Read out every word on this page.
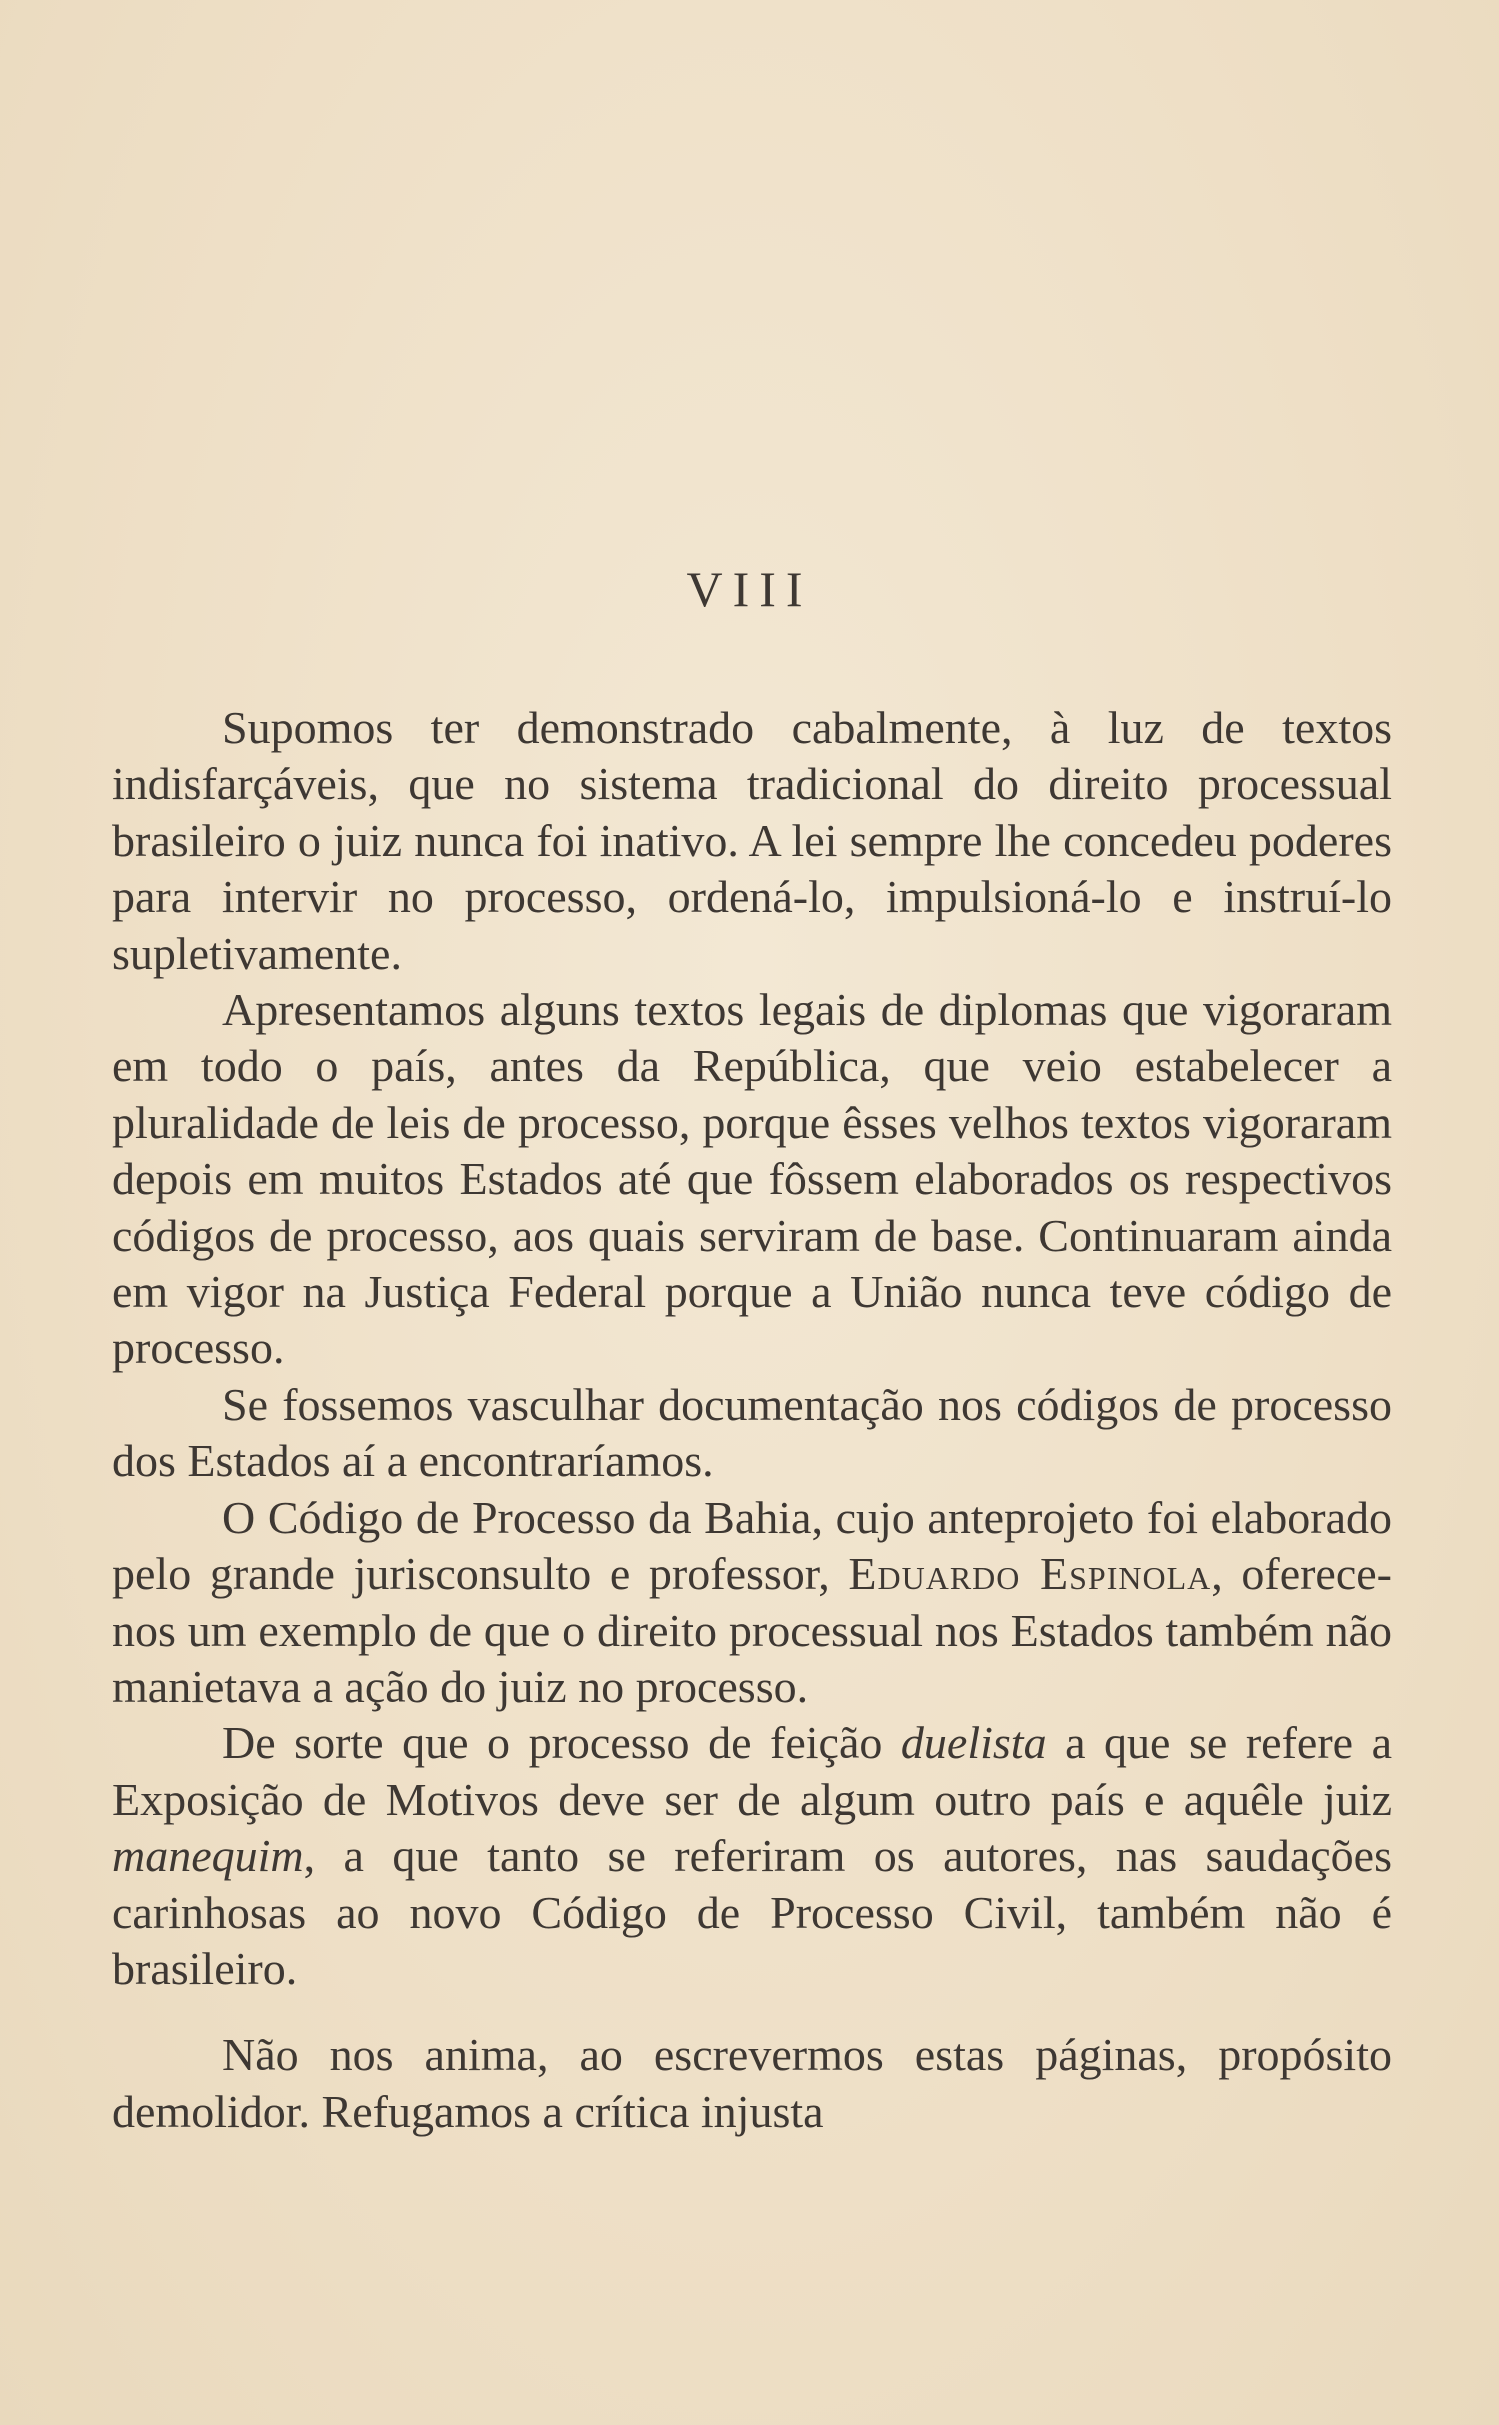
VIII

Supomos ter demonstrado cabalmente, à luz de textos indisfarçáveis, que no sistema tradicional do direito processual brasileiro o juiz nunca foi inativo. A lei sempre lhe concedeu poderes para intervir no processo, ordená-lo, impulsioná-lo e instruí-lo supletivamente.

Apresentamos alguns textos legais de diplomas que vigoraram em todo o país, antes da República, que veio estabelecer a pluralidade de leis de processo, porque êsses velhos textos vigoraram depois em muitos Estados até que fôssem elaborados os respectivos códigos de processo, aos quais serviram de base. Continuaram ainda em vigor na Justiça Federal porque a União nunca teve código de processo.

Se fossemos vasculhar documentação nos códigos de processo dos Estados aí a encontraríamos.

O Código de Processo da Bahia, cujo anteprojeto foi elaborado pelo grande jurisconsulto e professor, Eduardo Espinola, oferece-nos um exemplo de que o direito processual nos Estados também não manietava a ação do juiz no processo.

De sorte que o processo de feição duelista a que se refere a Exposição de Motivos deve ser de algum outro país e aquêle juiz manequim, a que tanto se referiram os autores, nas saudações carinhosas ao novo Código de Processo Civil, também não é brasileiro.

Não nos anima, ao escrevermos estas páginas, propósito demolidor. Refugamos a crítica injusta
